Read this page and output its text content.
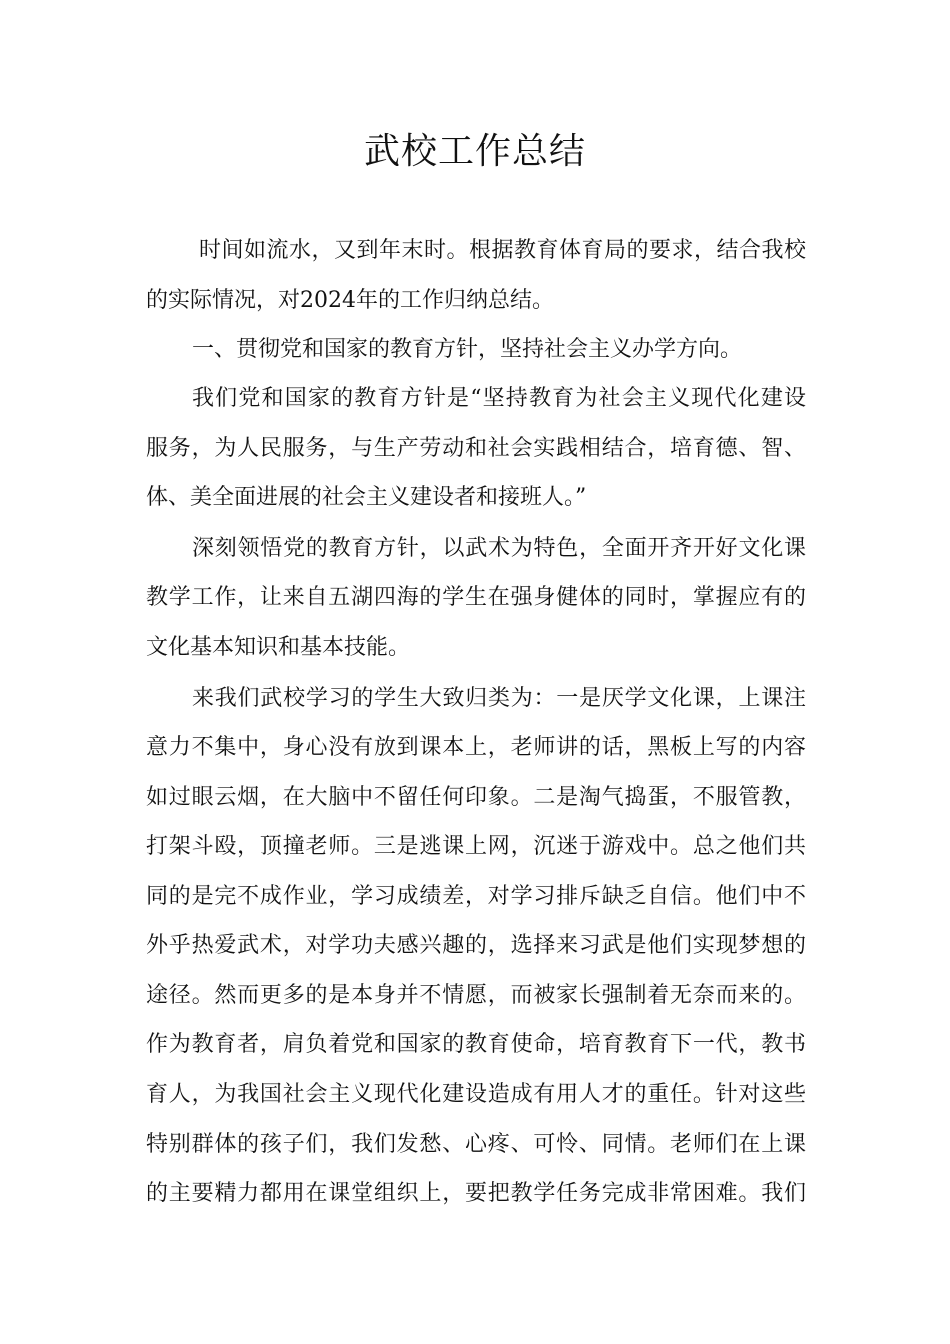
武校工作总结
时间如流水，又到年末时。根据教育体育局的要求，结合我校
的实际情况，对2024年的工作归纳总结。
一、贯彻党和国家的教育方针，坚持社会主义办学方向。
我们党和国家的教育方针是“坚持教育为社会主义现代化建设
服务，为人民服务，与生产劳动和社会实践相结合，培育德、智、
体、美全面进展的社会主义建设者和接班人。”
深刻领悟党的教育方针，以武术为特色，全面开齐开好文化课
教学工作，让来自五湖四海的学生在强身健体的同时，掌握应有的
文化基本知识和基本技能。
来我们武校学习的学生大致归类为：一是厌学文化课，上课注
意力不集中，身心没有放到课本上，老师讲的话，黑板上写的内容
如过眼云烟，在大脑中不留任何印象。二是淘气捣蛋，不服管教，
打架斗殴，顶撞老师。三是逃课上网，沉迷于游戏中。总之他们共
同的是完不成作业，学习成绩差，对学习排斥缺乏自信。他们中不
外乎热爱武术，对学功夫感兴趣的，选择来习武是他们实现梦想的
途径。然而更多的是本身并不情愿，而被家长强制着无奈而来的。
作为教育者，肩负着党和国家的教育使命，培育教育下一代，教书
育人，为我国社会主义现代化建设造成有用人才的重任。针对这些
特别群体的孩子们，我们发愁、心疼、可怜、同情。老师们在上课
的主要精力都用在课堂组织上，要把教学任务完成非常困难。我们
